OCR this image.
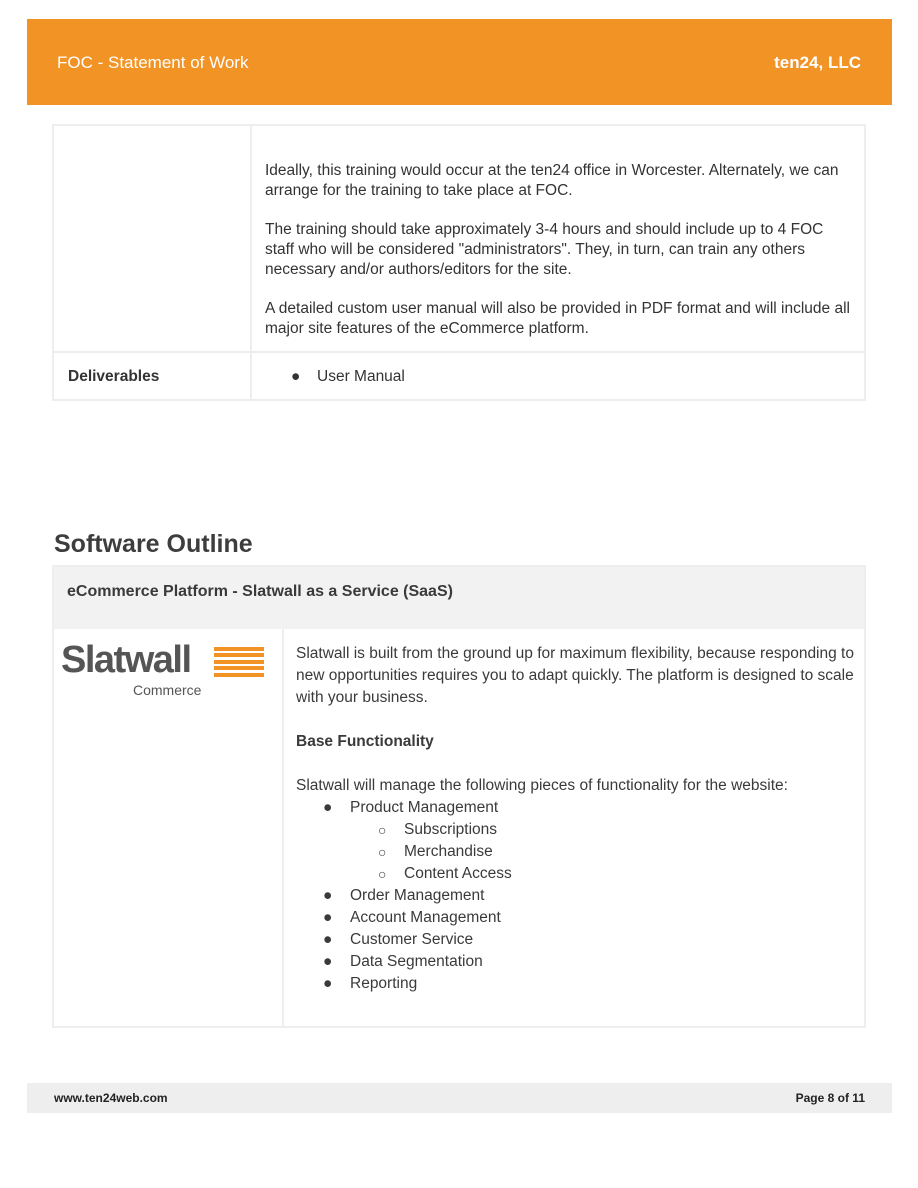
FOC - Statement of Work	ten24, LLC

Ideally, this training would occur at the ten24 office in Worcester. Alternately, we can arrange for the training to take place at FOC.

The training should take approximately 3-4 hours and should include up to 4 FOC staff who will be considered "administrators". They, in turn, can train any others necessary and/or authors/editors for the site.

A detailed custom user manual will also be provided in PDF format and will include all major site features of the eCommerce platform.

Deliverables	● User Manual
Software Outline
eCommerce Platform - Slatwall as a Service (SaaS)
Slatwall
Commerce

Slatwall is built from the ground up for maximum flexibility, because responding to new opportunities requires you to adapt quickly. The platform is designed to scale with your business.

Base Functionality

Slatwall will manage the following pieces of functionality for the website:

● Product Management
○ Subscriptions
○ Merchandise
○ Content Access
● Order Management
● Account Management
● Customer Service
● Data Segmentation
● Reporting
www.ten24web.com	Page 8 of 11
